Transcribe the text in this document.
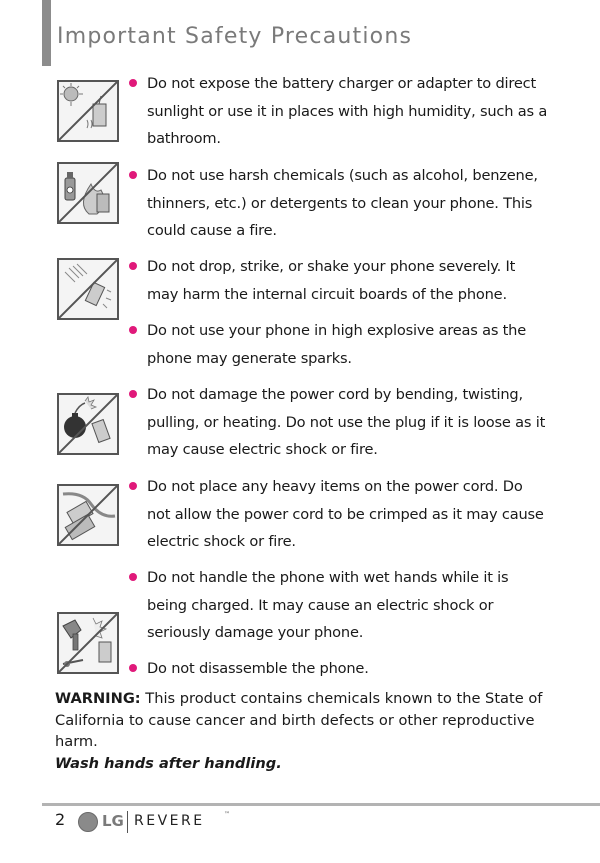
Important Safety Precautions
Do not expose the battery charger or adapter to direct sunlight or use it in places with high humidity, such as a bathroom.
Do not use harsh chemicals (such as alcohol, benzene, thinners, etc.) or detergents to clean your phone. This could cause a fire.
Do not drop, strike, or shake your phone severely. It may harm the internal circuit boards of the phone.
Do not use your phone in high explosive areas as the phone may generate sparks.
Do not damage the power cord by bending, twisting, pulling, or heating. Do not use the plug if it is loose as it may cause electric shock or fire.
Do not place any heavy items on the power cord. Do not allow the power cord to be crimped as it may cause electric shock or fire.
Do not handle the phone with wet hands while it is being charged. It may cause an electric shock or seriously damage your phone.
Do not disassemble the phone.
WARNING: This product contains chemicals known to the State of California to cause cancer and birth defects or other reproductive harm.
Wash hands after handling.
2 LG REVERE	™
